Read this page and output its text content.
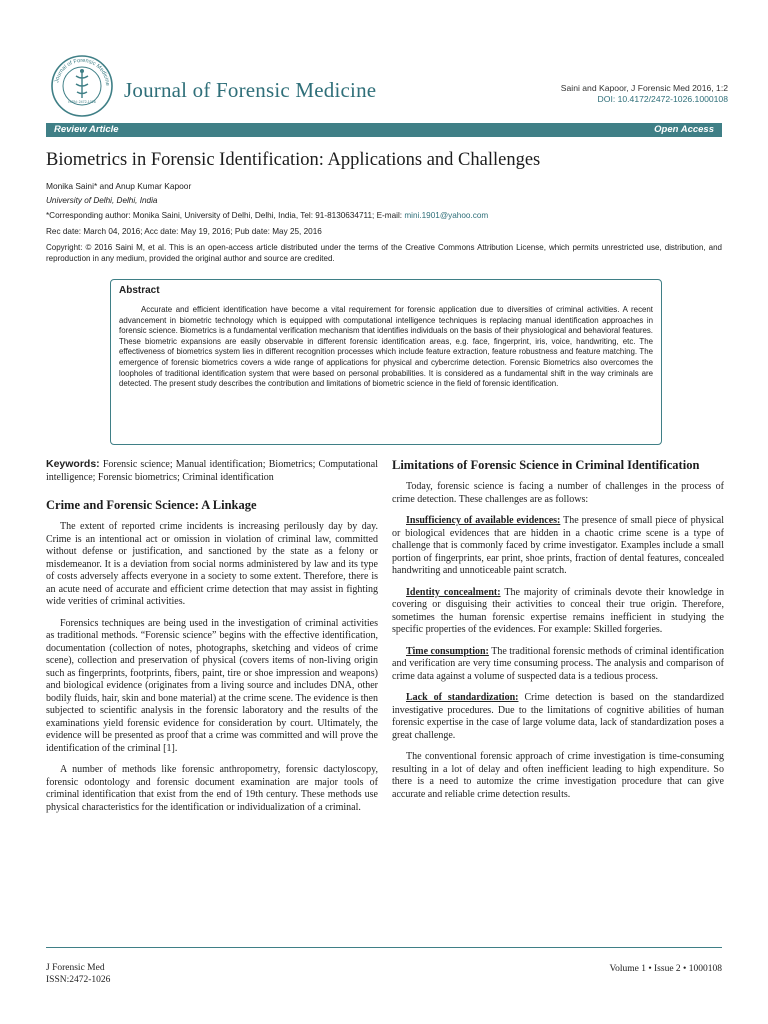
Journal of Forensic Medicine
ISSN: 2472-1026 Journal of Forensic Medicine	Saini and Kapoor, J Forensic Med 2016, 1:2
DOI: 10.4172/2472-1026.1000108
Review Article	Open Access
Biometrics in Forensic Identification: Applications and Challenges
Monika Saini* and Anup Kumar Kapoor
University of Delhi, Delhi, India
*Corresponding author: Monika Saini, University of Delhi, Delhi, India, Tel: 91-8130634711; E-mail: mini.1901@yahoo.com
Rec date: March 04, 2016; Acc date: May 19, 2016; Pub date: May 25, 2016
Copyright: © 2016 Saini M, et al. This is an open-access article distributed under the terms of the Creative Commons Attribution License, which permits unrestricted use, distribution, and reproduction in any medium, provided the original author and source are credited.
Abstract
Accurate and efficient identification have become a vital requirement for forensic application due to diversities of criminal activities. A recent advancement in biometric technology which is equipped with computational intelligence techniques is replacing manual identification approaches in forensic science. Biometrics is a fundamental verification mechanism that identifies individuals on the basis of their physiological and behavioral features. These biometric expansions are easily observable in different forensic identification areas, e.g. face, fingerprint, iris, voice, handwriting, etc. The effectiveness of biometrics system lies in different recognition processes which include feature extraction, feature robustness and feature matching. The emergence of forensic biometrics covers a wide range of applications for physical and cybercrime detection. Forensic Biometrics also overcomes the loopholes of traditional identification system that were based on personal probabilities. It is considered as a fundamental shift in the way criminals are detected. The present study describes the contribution and limitations of biometric science in the field of forensic identification.
Keywords: Forensic science; Manual identification; Biometrics; Computational intelligence; Forensic biometrics; Criminal identification
Crime and Forensic Science: A Linkage

The extent of reported crime incidents is increasing perilously day by day. Crime is an intentional act or omission in violation of criminal law, committed without defense or justification, and sanctioned by the state as a felony or misdemeanor. It is a deviation from social norms administered by law and its type of costs adversely affects everyone in a society to some extent. Therefore, there is an acute need of accurate and efficient crime detection that may assist in fighting wide verities of criminal activities.

Forensics techniques are being used in the investigation of criminal activities as traditional methods. “Forensic science” begins with the effective identification, documentation (collection of notes, photographs, sketching and videos of crime scene), collection and preservation of physical (covers items of non-living origin such as fingerprints, footprints, fibers, paint, tire or shoe impression and weapons) and biological evidence (originates from a living source and includes DNA, other bodily fluids, hair, skin and bone material) at the crime scene. The evidence is then subjected to scientific analysis in the forensic laboratory and the results of the examinations yield forensic evidence for consideration by court. Ultimately, the evidence will be presented as proof that a crime was committed and will prove the identification of the criminal [1].

A number of methods like forensic anthropometry, forensic dactyloscopy, forensic odontology and forensic document examination are major tools of criminal identification that exist from the end of 19th century. These methods use physical characteristics for the identification or individualization of a criminal.

Limitations of Forensic Science in Criminal Identification

Today, forensic science is facing a number of challenges in the process of crime detection. These challenges are as follows:

Insufficiency of available evidences: The presence of small piece of physical or biological evidences that are hidden in a chaotic crime scene is a type of challenge that is commonly faced by crime investigator. Examples include a small portion of fingerprints, ear print, shoe prints, fraction of dental features, concealed handwriting and unnoticeable paint scratch.

Identity concealment: The majority of criminals devote their knowledge in covering or disguising their activities to conceal their true origin. Therefore, sometimes the human forensic expertise remains inefficient in studying the specific properties of the evidences. For example: Skilled forgeries.

Time consumption: The traditional forensic methods of criminal identification and verification are very time consuming process. The analysis and comparison of crime data against a volume of suspected data is a tedious process.

Lack of standardization: Crime detection is based on the standardized investigative procedures. Due to the limitations of cognitive abilities of human forensic expertise in the case of large volume data, lack of standardization poses a great challenge.

The conventional forensic approach of crime investigation is time-consuming resulting in a lot of delay and often inefficient leading to high expenditure. So there is a need to automize the crime investigation procedure that can give accurate and reliable crime detection results.

J Forensic Med
ISSN:2472-1026
Volume 1 • Issue 2 • 1000108
